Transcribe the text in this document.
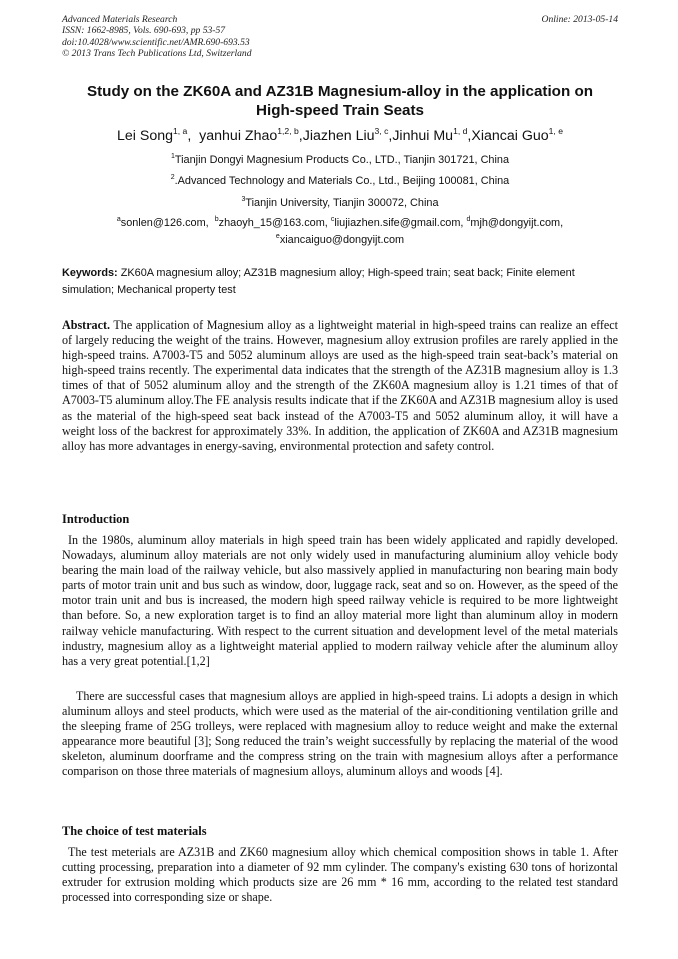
Advanced Materials Research
ISSN: 1662-8985, Vols. 690-693, pp 53-57
doi:10.4028/www.scientific.net/AMR.690-693.53
© 2013 Trans Tech Publications Ltd, Switzerland
Online: 2013-05-14
Study on the ZK60A and AZ31B Magnesium-alloy in the application on
High-speed Train Seats
Lei Song$^{1, a}$,  yanhui Zhao$^{1,2, b}$,Jiazhen Liu$^{3, c}$,Jinhui Mu$^{1, d}$,Xiancai Guo$^{1, e}$
$^1$Tianjin Dongyi Magnesium Products Co., LTD., Tianjin 301721, China
$^2$.Advanced Technology and Materials Co., Ltd., Beijing 100081, China
$^3$Tianjin University, Tianjin 300072, China
$^a$sonlen@126.com, $^b$zhaoyh_15@163.com, $^c$liujiazhen.sife@gmail.com, $^d$mjh@dongyijt.com,
$^e$xiancaiguo@dongyijt.com
Keywords: ZK60A magnesium alloy; AZ31B magnesium alloy; High-speed train; seat back; Finite element simulation; Mechanical property test
Abstract. The application of Magnesium alloy as a lightweight material in high-speed trains can realize an effect of largely reducing the weight of the trains. However, magnesium alloy extrusion profiles are rarely applied in the high-speed trains. A7003-T5 and 5052 aluminum alloys are used as the high-speed train seat-back’s material on high-speed trains recently. The experimental data indicates that the strength of the AZ31B magnesium alloy is 1.3 times of that of 5052 aluminum alloy and the strength of the ZK60A magnesium alloy is 1.21 times of that of A7003-T5 aluminum alloy.The FE analysis results indicate that if the ZK60A and AZ31B magnesium alloy is used as the material of the high-speed seat back instead of the A7003-T5 and 5052 aluminum alloy, it will have a weight loss of the backrest for approximately 33%. In addition, the application of ZK60A and AZ31B magnesium alloy has more advantages in energy-saving, environmental protection and safety control.
Introduction
In the 1980s, aluminum alloy materials in high speed train has been widely applicated and rapidly developed. Nowadays, aluminum alloy materials are not only widely used in manufacturing aluminium alloy vehicle body bearing the main load of the railway vehicle, but also massively applied in manufacturing non bearing main body parts of motor train unit and bus such as window, door, luggage rack, seat and so on. However, as the speed of the motor train unit and bus is increased, the modern high speed railway vehicle is required to be more lightweight than before. So, a new exploration target is to find an alloy material more light than aluminum alloy in modern railway vehicle manufacturing. With respect to the current situation and development level of the metal materials industry, magnesium alloy as a lightweight material applied to modern railway vehicle after the aluminum alloy has a very great potential.[1,2]
There are successful cases that magnesium alloys are applied in high-speed trains. Li adopts a design in which aluminum alloys and steel products, which were used as the material of the air-conditioning ventilation grille and the sleeping frame of 25G trolleys, were replaced with magnesium alloy to reduce weight and make the external appearance more beautiful [3]; Song reduced the train’s weight successfully by replacing the material of the wood skeleton, aluminum doorframe and the compress string on the train with magnesium alloys after a performance comparison on those three materials of magnesium alloys, aluminum alloys and woods [4].
The choice of test materials
The test meterials are AZ31B and ZK60 magnesium alloy which chemical composition shows in table 1. After cutting processing, preparation into a diameter of 92 mm cylinder. The company's existing 630 tons of horizontal extruder for extrusion molding which products size are 26 mm * 16 mm, according to the related test standard processed into corresponding size or shape.
